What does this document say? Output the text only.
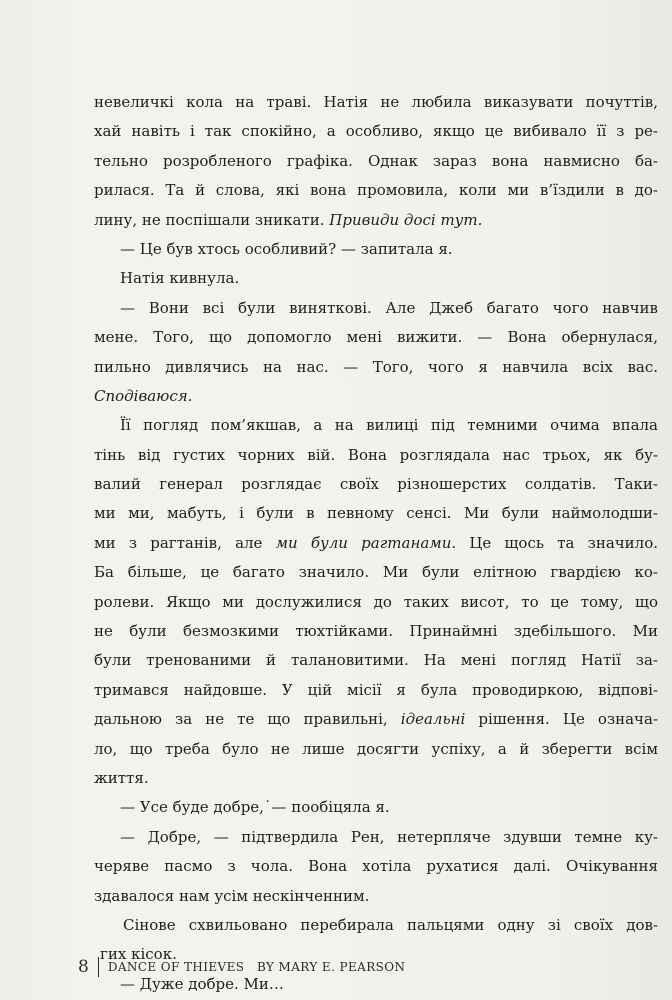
невеличкі кола на траві. Натія не любила виказувати почуттів,
хай навіть і так спокійно, а особливо, якщо це вибивало її з ре-
тельно розробленого графіка. Однак зараз вона навмисно ба-
рилася. Та й слова, які вона промовила, коли ми в’їздили в до-
лину, не поспішали зникати. Привиди досі тут.
— Це був хтось особливий? — запитала я.
Натія кивнула.
— Вони всі були виняткові. Але Джеб багато чого навчив
мене. Того, що допомогло мені вижити. — Вона обернулася,
пильно дивлячись на нас. — Того, чого я навчила всіх вас.
Сподіваюся.
Її погляд пом’якшав, а на вилиці під темними очима впала
тінь від густих чорних вій. Вона розглядала нас трьох, як бу-
валий генерал розглядає своїх різношерстих солдатів. Таки-
ми ми, мабуть, і були в певному сенсі. Ми були наймолодши-
ми з рагтанів, але ми були рагтанами. Це щось та значило.
Ба більше, це багато значило. Ми були елітною гвардією ко-
ролеви. Якщо ми дослужилися до таких висот, то це тому, що
не були безмозкими тюхтійками. Принаймні здебільшого. Ми
були тренованими й талановитими. На мені погляд Натії за-
тримався найдовше. У цій місії я була проводиркою, відпові-
дальною за не те що правильні, ідеальні рішення. Це означа-
ло, що треба було не лише досягти успіху, а й зберегти всім
життя.
— Усе буде добре,˙— пообіцяла я.
— Добре, — підтвердила Рен, нетерпляче здувши темне ку-
черяве пасмо з чола. Вона хотіла рухатися далі. Очікування
здавалося нам усім нескінченним.
Сінове схвильовано перебирала пальцями одну зі своїх дов-
гих кісок.
— Дуже добре. Ми…
8 DANCE OF THIEVES   BY MARY E. PEARSON
